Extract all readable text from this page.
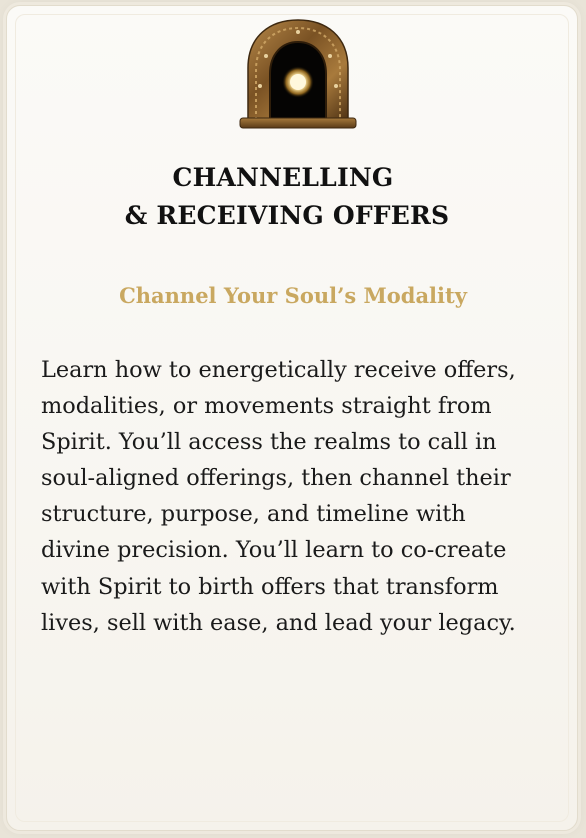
CHANNELLING
& RECEIVING OFFERS
Channel Your Soul’s Modality
Learn how to energetically receive offers,
modalities, or movements straight from
Spirit. You’ll access the realms to call in
soul-aligned offerings, then channel their
structure, purpose, and timeline with
divine precision. You’ll learn to co-create
with Spirit to birth offers that transform
lives, sell with ease, and lead your legacy.
